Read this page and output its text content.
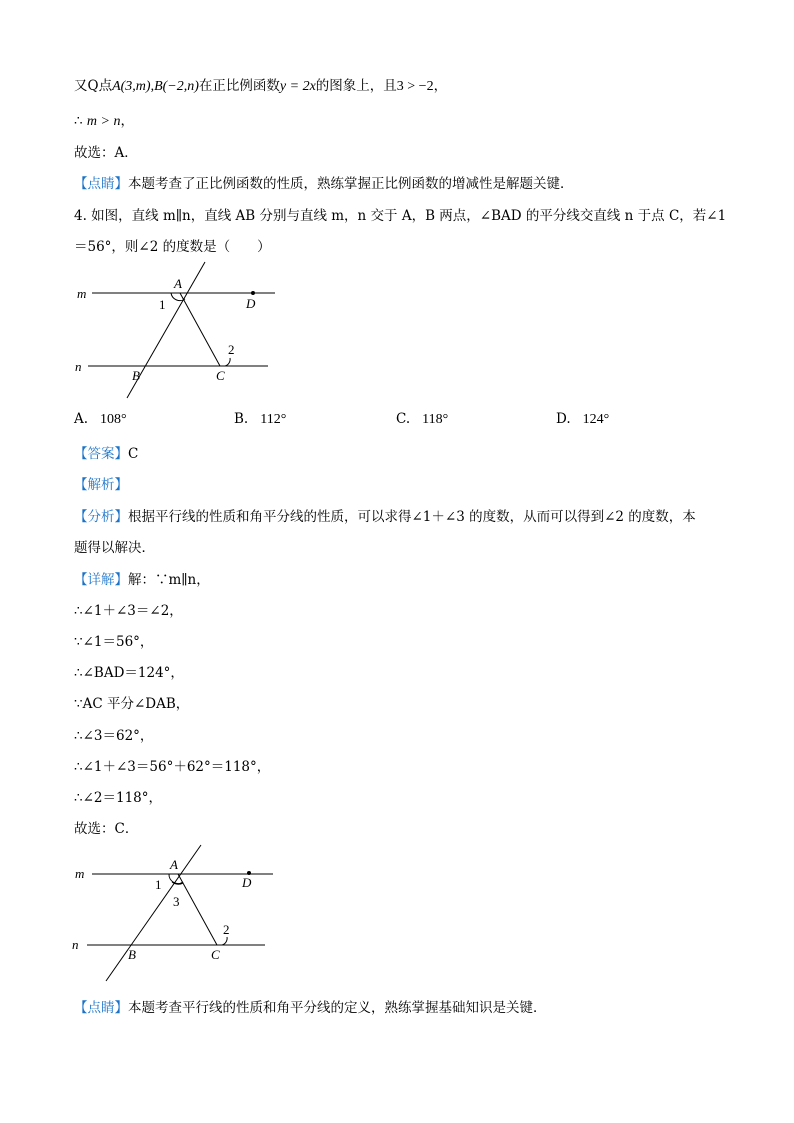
又Q点A(3,m),B(−2,n)在正比例函数y = 2x的图象上，且3 > −2，
∴ m > n，
故选：A．
【点睛】本题考查了正比例函数的性质，熟练掌握正比例函数的增减性是解题关键．
4. 如图，直线 m∥n，直线 AB 分别与直线 m，n 交于 A，B 两点，∠BAD 的平分线交直线 n 于点 C，若∠1
＝56°，则∠2 的度数是（　　）
m
n
A
D
B	C
1
2
A. 108°	B. 112°	C. 118°	D. 124°
【答案】C
【解析】
【分析】根据平行线的性质和角平分线的性质，可以求得∠1＋∠3 的度数，从而可以得到∠2 的度数，本
题得以解决．
【详解】解：∵m∥n，
∴∠1＋∠3＝∠2，
∵∠1＝56°，
∴∠BAD＝124°，
∵AC 平分∠DAB，
∴∠3＝62°，
∴∠1＋∠3＝56°＋62°＝118°，
∴∠2＝118°，
故选：C．
m
n
A
D
B	C
1
3
2
【点睛】本题考查平行线的性质和角平分线的定义，熟练掌握基础知识是关键．
